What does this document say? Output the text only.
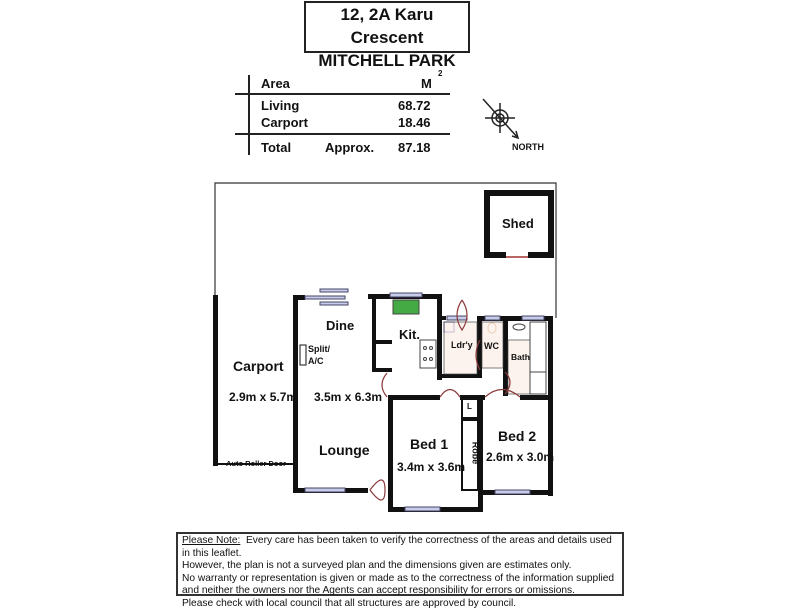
12, 2A Karu Crescent
MITCHELL PARK
Area	M
2
Living	68.72
Carport	18.46
Total	Approx. 87.18	NORTH
Shed
Carport
2.9m x 5.7m
Auto Roller Door
Dine
Split/
A/C
3.5m x 6.3m
Lounge
Kit.
Ldr'y WC
Bath
L
Robe
Bed 1
3.4m x 3.6m
Bed 2
2.6m x 3.0m
Please Note: Every care has been taken to verify the correctness of the areas and details used in this leaflet.
However, the plan is not a surveyed plan and the dimensions given are estimates only.
No warranty or representation is given or made as to the correctness of the information supplied
and neither the owners nor the Agents can accept responsibility for errors or omissions.
Please check with local council that all structures are approved by council.
